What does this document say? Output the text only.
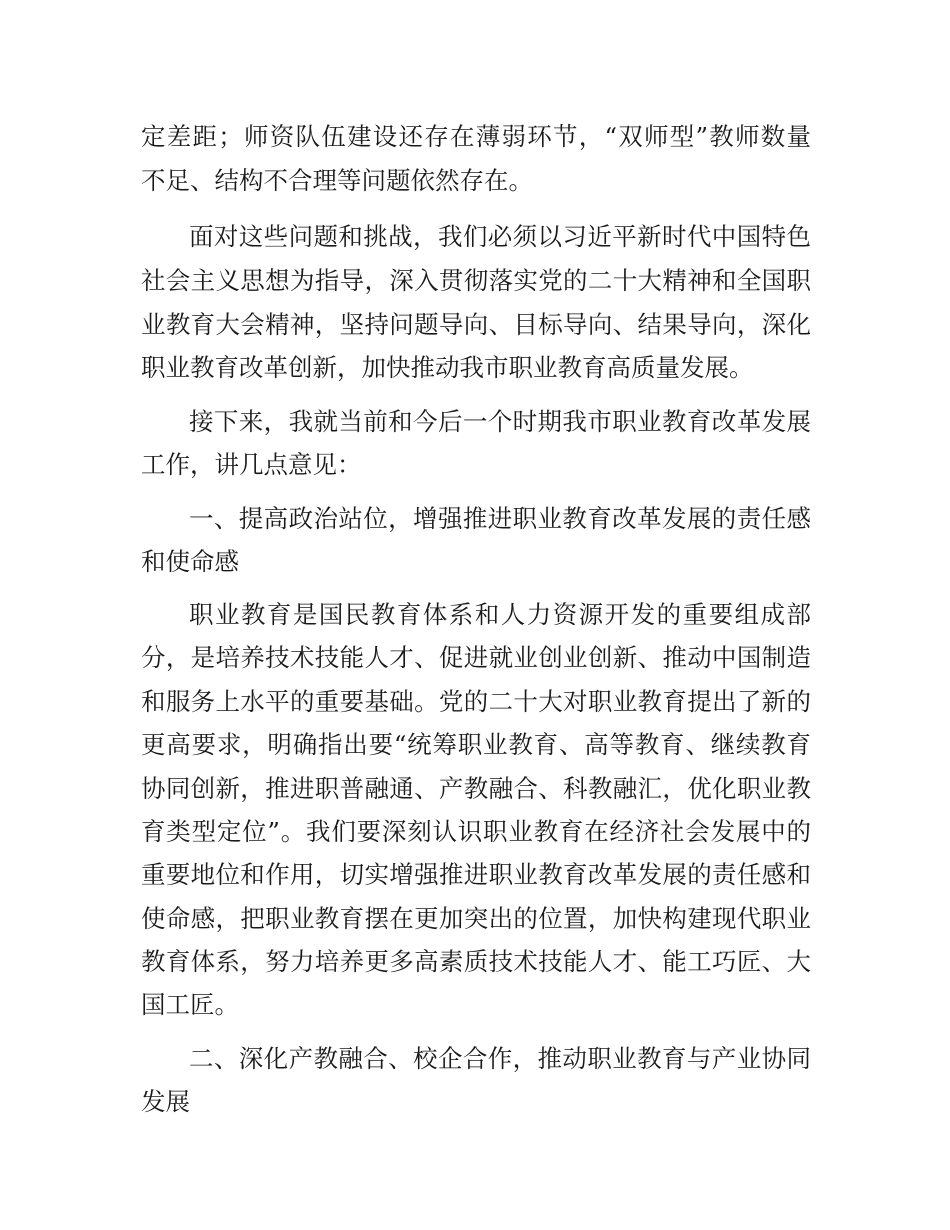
定差距；师资队伍建设还存在薄弱环节，“双师型”教师数量
不足、结构不合理等问题依然存在。
面对这些问题和挑战，我们必须以习近平新时代中国特色
社会主义思想为指导，深入贯彻落实党的二十大精神和全国职
业教育大会精神，坚持问题导向、目标导向、结果导向，深化
职业教育改革创新，加快推动我市职业教育高质量发展。
接下来，我就当前和今后一个时期我市职业教育改革发展
工作，讲几点意见：
一、提高政治站位，增强推进职业教育改革发展的责任感
和使命感
职业教育是国民教育体系和人力资源开发的重要组成部
分，是培养技术技能人才、促进就业创业创新、推动中国制造
和服务上水平的重要基础。党的二十大对职业教育提出了新的
更高要求，明确指出要“统筹职业教育、高等教育、继续教育
协同创新，推进职普融通、产教融合、科教融汇，优化职业教
育类型定位”。我们要深刻认识职业教育在经济社会发展中的
重要地位和作用，切实增强推进职业教育改革发展的责任感和
使命感，把职业教育摆在更加突出的位置，加快构建现代职业
教育体系，努力培养更多高素质技术技能人才、能工巧匠、大
国工匠。
二、深化产教融合、校企合作，推动职业教育与产业协同
发展
